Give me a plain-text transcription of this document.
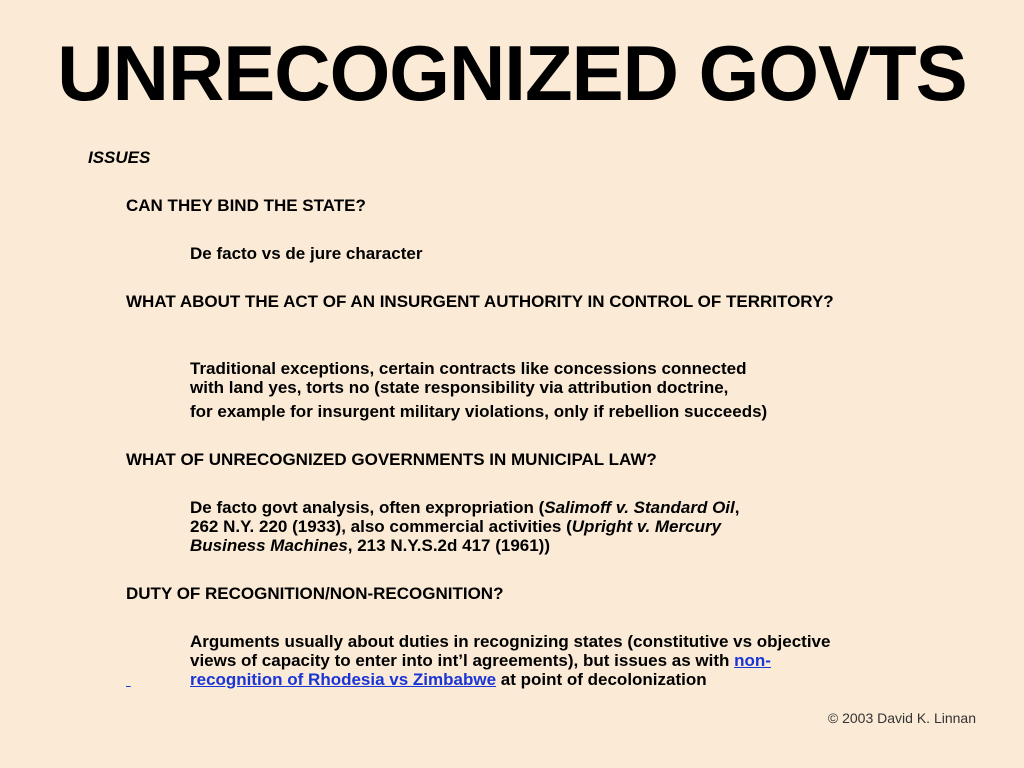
UNRECOGNIZED GOVTS
ISSUES

CAN THEY BIND THE STATE?

De facto vs de jure character

WHAT ABOUT THE ACT OF AN INSURGENT AUTHORITY IN CONTROL OF TERRITORY?

Traditional exceptions, certain contracts like concessions connected

with land yes, torts no (state responsibility via attribution doctrine,

for example for insurgent military violations, only if rebellion succeeds)

WHAT OF UNRECOGNIZED GOVERNMENTS IN MUNICIPAL LAW?

De facto govt analysis, often expropriation (Salimoff v. Standard Oil,

262 N.Y. 220 (1933), also commercial activities (Upright v. Mercury

Business Machines, 213 N.Y.S.2d 417 (1961))

DUTY OF RECOGNITION/NON-RECOGNITION?

Arguments usually about duties in recognizing states (constitutive vs objective

views of capacity to enter into int’l agreements), but issues as with non-

recognition of Rhodesia vs Zimbabwe at point of decolonization

© 2003 David K. Linnan
